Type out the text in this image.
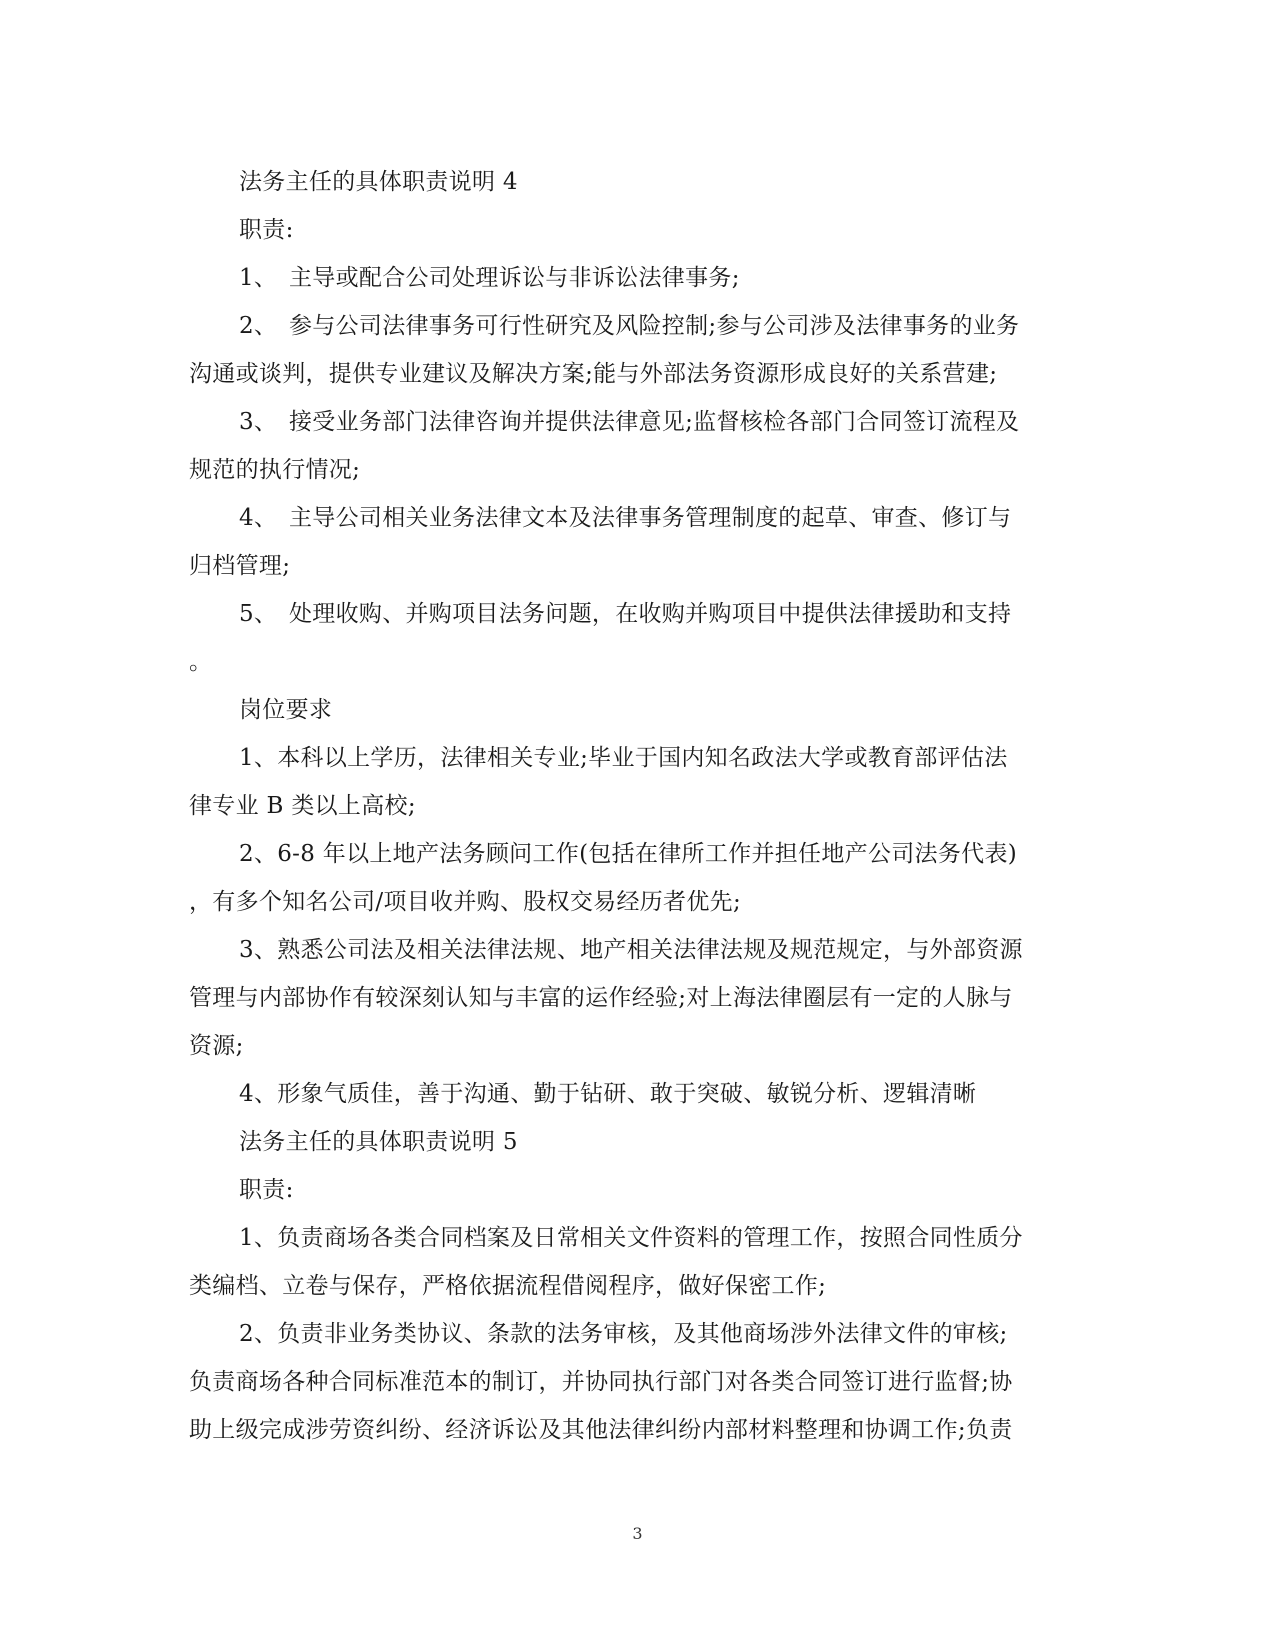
法务主任的具体职责说明 4
职责:
1、 主导或配合公司处理诉讼与非诉讼法律事务;
2、 参与公司法律事务可行性研究及风险控制;参与公司涉及法律事务的业务
沟通或谈判，提供专业建议及解决方案;能与外部法务资源形成良好的关系营建;
3、 接受业务部门法律咨询并提供法律意见;监督核检各部门合同签订流程及
规范的执行情况;
4、 主导公司相关业务法律文本及法律事务管理制度的起草、审查、修订与
归档管理;
5、 处理收购、并购项目法务问题，在收购并购项目中提供法律援助和支持
。
岗位要求
1、本科以上学历，法律相关专业;毕业于国内知名政法大学或教育部评估法
律专业 B 类以上高校;
2、6-8 年以上地产法务顾问工作(包括在律所工作并担任地产公司法务代表)
，有多个知名公司/项目收并购、股权交易经历者优先;
3、熟悉公司法及相关法律法规、地产相关法律法规及规范规定，与外部资源
管理与内部协作有较深刻认知与丰富的运作经验;对上海法律圈层有一定的人脉与
资源;
4、形象气质佳，善于沟通、勤于钻研、敢于突破、敏锐分析、逻辑清晰
法务主任的具体职责说明 5
职责:
1、负责商场各类合同档案及日常相关文件资料的管理工作，按照合同性质分
类编档、立卷与保存，严格依据流程借阅程序，做好保密工作;
2、负责非业务类协议、条款的法务审核，及其他商场涉外法律文件的审核;
负责商场各种合同标准范本的制订，并协同执行部门对各类合同签订进行监督;协
助上级完成涉劳资纠纷、经济诉讼及其他法律纠纷内部材料整理和协调工作;负责
3
